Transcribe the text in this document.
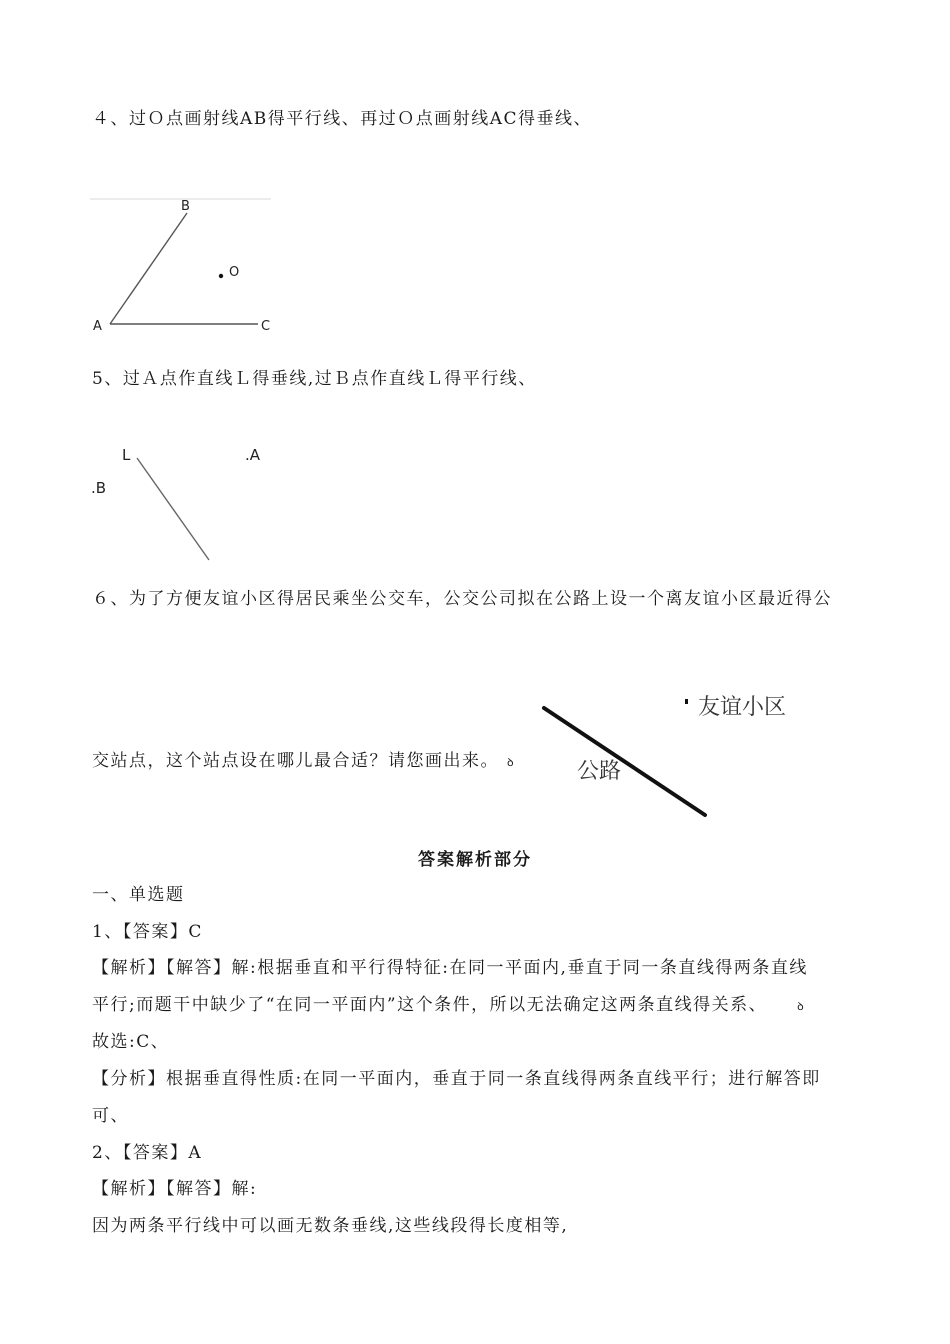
４、过Ｏ点画射线AB得平行线、再过Ｏ点画射线AC得垂线、
B
O
A	C
5、过Ａ点作直线Ｌ得垂线,过Ｂ点作直线Ｌ得平行线、
L	.A
.B
６、为了方便友谊小区得居民乘坐公交车，公交公司拟在公路上设一个离友谊小区最近得公
交站点，这个站点设在哪儿最合适？请您画出来。 ꝺ
友谊小区
公路
答案解析部分
一、单选题
1、【答案】C
【解析】【解答】解:根据垂直和平行得特征:在同一平面内,垂直于同一条直线得两条直线
平行;而题干中缺少了“在同一平面内”这个条件，所以无法确定这两条直线得关系、	ꝺ
故选:C、
【分析】根据垂直得性质:在同一平面内，垂直于同一条直线得两条直线平行；进行解答即
可、
2、【答案】A
【解析】【解答】解:
因为两条平行线中可以画无数条垂线,这些线段得长度相等,
